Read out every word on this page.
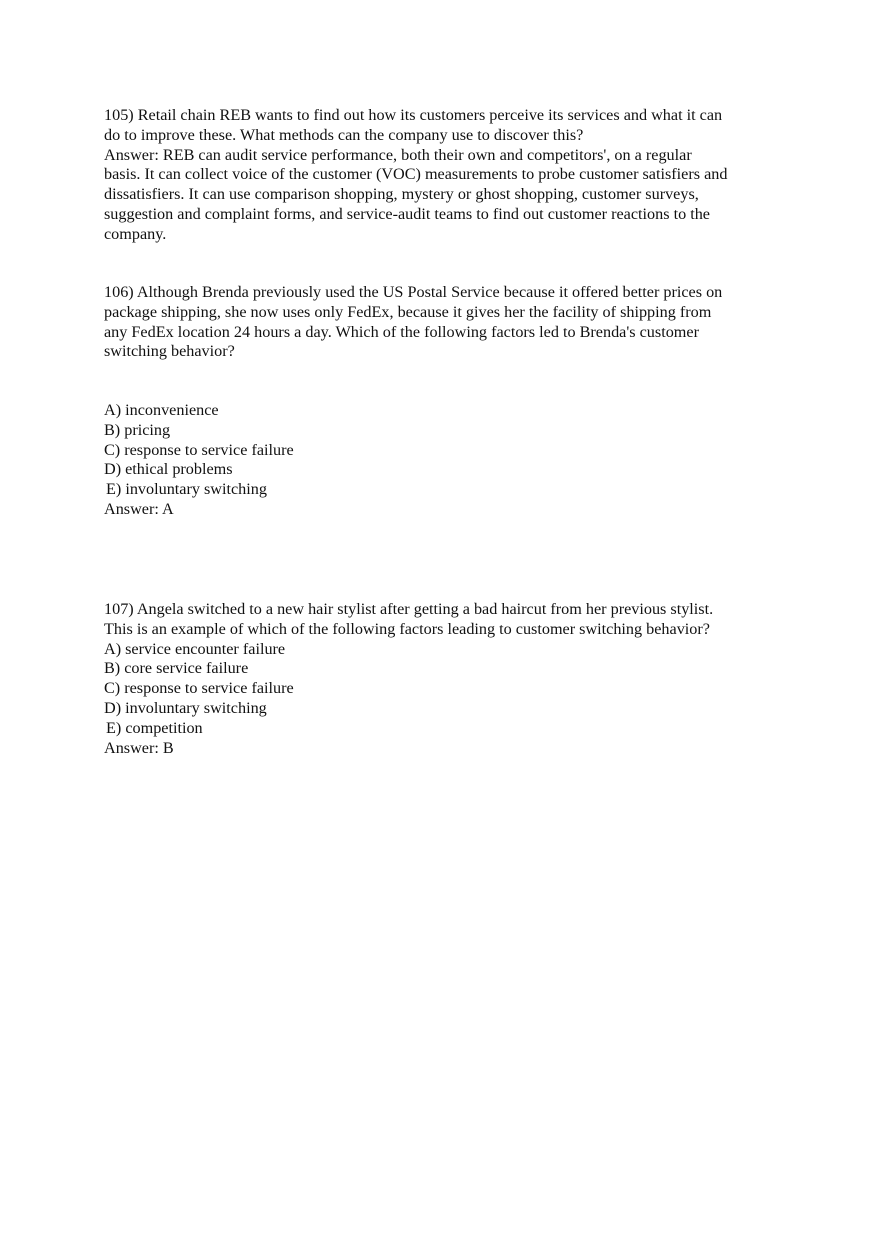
105) Retail chain REB wants to find out how its customers perceive its services and what it can
do to improve these. What methods can the company use to discover this?
Answer: REB can audit service performance, both their own and competitors', on a regular
basis. It can collect voice of the customer (VOC) measurements to probe customer satisfiers and
dissatisfiers. It can use comparison shopping, mystery or ghost shopping, customer surveys,
suggestion and complaint forms, and service-audit teams to find out customer reactions to the
company.
106) Although Brenda previously used the US Postal Service because it offered better prices on
package shipping, she now uses only FedEx, because it gives her the facility of shipping from
any FedEx location 24 hours a day. Which of the following factors led to Brenda's customer
switching behavior?
A) inconvenience
B) pricing
C) response to service failure
D) ethical problems
E) involuntary switching
Answer: A
107) Angela switched to a new hair stylist after getting a bad haircut from her previous stylist.
This is an example of which of the following factors leading to customer switching behavior?
A) service encounter failure
B) core service failure
C) response to service failure
D) involuntary switching
E) competition
Answer: B
